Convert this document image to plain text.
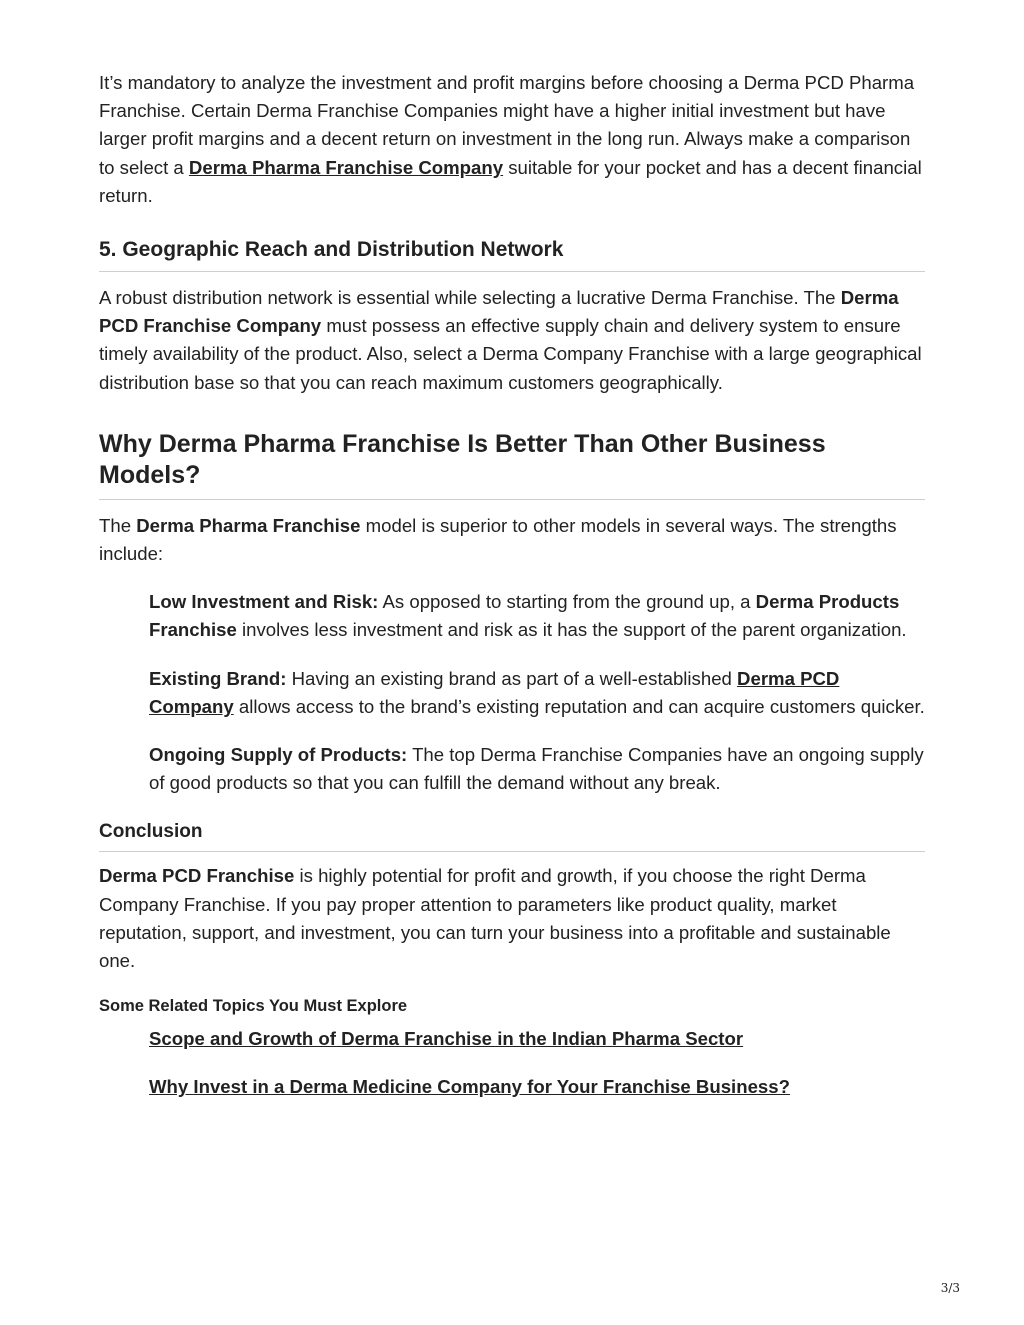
It’s mandatory to analyze the investment and profit margins before choosing a Derma PCD Pharma Franchise. Certain Derma Franchise Companies might have a higher initial investment but have larger profit margins and a decent return on investment in the long run. Always make a comparison to select a Derma Pharma Franchise Company suitable for your pocket and has a decent financial return.

5. Geographic Reach and Distribution Network

A robust distribution network is essential while selecting a lucrative Derma Franchise. The Derma PCD Franchise Company must possess an effective supply chain and delivery system to ensure timely availability of the product. Also, select a Derma Company Franchise with a large geographical distribution base so that you can reach maximum customers geographically.

Why Derma Pharma Franchise Is Better Than Other Business Models?

The Derma Pharma Franchise model is superior to other models in several ways. The strengths include:

Low Investment and Risk: As opposed to starting from the ground up, a Derma Products Franchise involves less investment and risk as it has the support of the parent organization.

Existing Brand: Having an existing brand as part of a well-established Derma PCD Company allows access to the brand’s existing reputation and can acquire customers quicker.

Ongoing Supply of Products: The top Derma Franchise Companies have an ongoing supply of good products so that you can fulfill the demand without any break.

Conclusion

Derma PCD Franchise is highly potential for profit and growth, if you choose the right Derma Company Franchise. If you pay proper attention to parameters like product quality, market reputation, support, and investment, you can turn your business into a profitable and sustainable one.

Some Related Topics You Must Explore
Scope and Growth of Derma Franchise in the Indian Pharma Sector
Why Invest in a Derma Medicine Company for Your Franchise Business?
3/3
